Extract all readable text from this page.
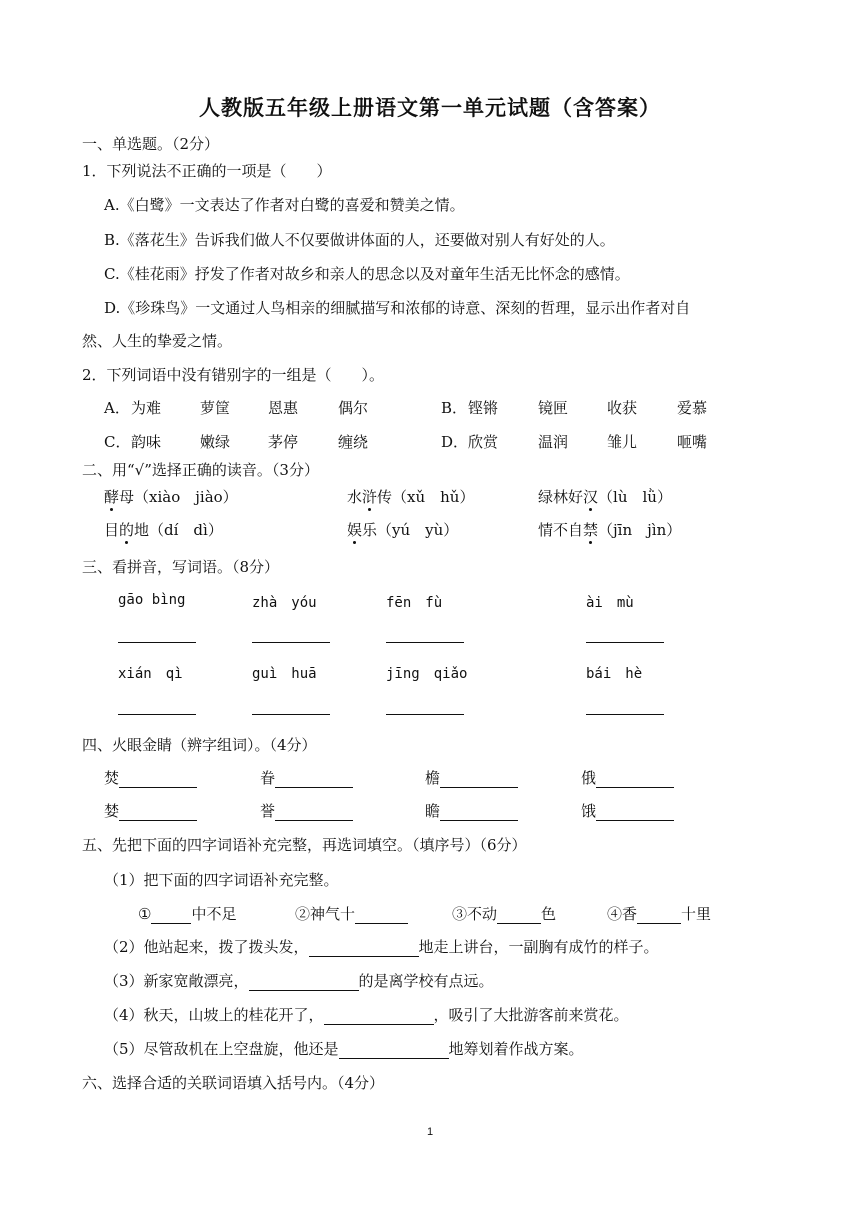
人教版五年级上册语文第一单元试题（含答案）
一、单选题。（2分）
1．下列说法不正确的一项是（　　）
A.《白鹭》一文表达了作者对白鹭的喜爱和赞美之情。
B.《落花生》告诉我们做人不仅要做讲体面的人，还要做对别人有好处的人。
C.《桂花雨》抒发了作者对故乡和亲人的思念以及对童年生活无比怀念的感情。
D.《珍珠鸟》一文通过人鸟相亲的细腻描写和浓郁的诗意、深刻的哲理，显示出作者对自
然、人生的挚爱之情。
2．下列词语中没有错别字的一组是（　　）。
A． 为难	萝筐	恩惠	偶尔	B． 铿锵	镜匣	收获	爱慕
C． 韵味	嫩绿	茅停	缠绕	D． 欣赏	温润	雏儿	咂嘴
二、用“√”选择正确的读音。（3分）
酵母（xiào　jiào）	水浒传（xǔ　hǔ）	绿林好汉（lù　lǜ）
目的地（dí　dì）	娱乐（yú　yù）	情不自禁（jīn　jìn）
三、看拼音，写词语。（8分）
gāo bìng	zhà　yóu	fēn　fù	ài　mù
xián　qì	guì　huā	jīng　qiǎo	bái　hè
四、火眼金睛（辨字组词）。（4分）
焚	眷	檐	俄
婪	誉	瞻	饿
五、先把下面的四字词语补充完整，再选词填空。（填序号）（6分）
（1）把下面的四字词语补充完整。
①	中不足	②神气十	③不动	色	④香	十里
（2）他站起来，拨了拨头发，	地走上讲台，一副胸有成竹的样子。
（3）新家宽敞漂亮，	的是离学校有点远。
（4）秋天，山坡上的桂花开了，	，吸引了大批游客前来赏花。
（5）尽管敌机在上空盘旋，他还是	地筹划着作战方案。
六、选择合适的关联词语填入括号内。（4分）
1
